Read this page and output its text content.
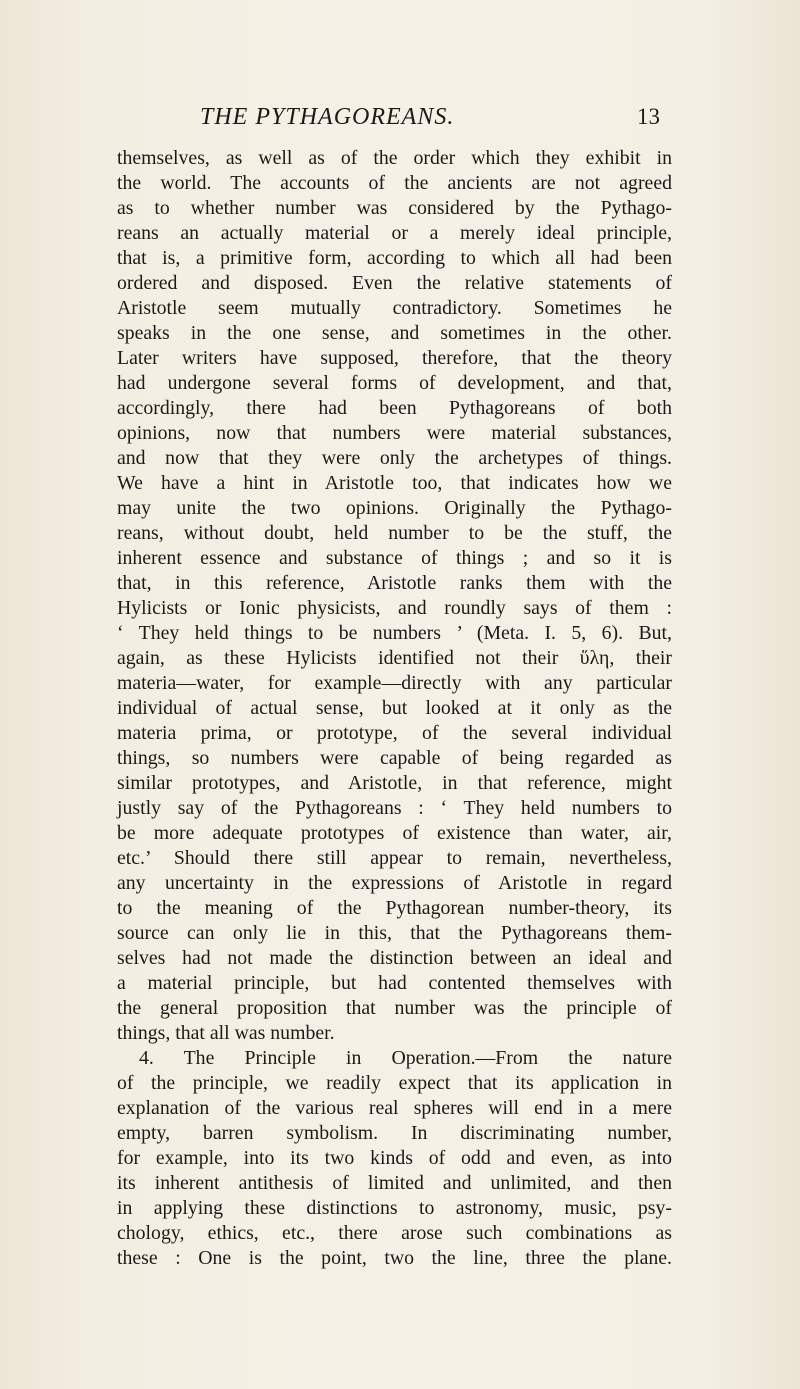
THE PYTHAGOREANS.	13
themselves, as well as of the order which they exhibit in
the world. The accounts of the ancients are not agreed
as to whether number was considered by the Pythago-
reans an actually material or a merely ideal principle,
that is, a primitive form, according to which all had been
ordered and disposed. Even the relative statements of
Aristotle seem mutually contradictory. Sometimes he
speaks in the one sense, and sometimes in the other.
Later writers have supposed, therefore, that the theory
had undergone several forms of development, and that,
accordingly, there had been Pythagoreans of both
opinions, now that numbers were material substances,
and now that they were only the archetypes of things.
We have a hint in Aristotle too, that indicates how we
may unite the two opinions. Originally the Pythago-
reans, without doubt, held number to be the stuff, the
inherent essence and substance of things ; and so it is
that, in this reference, Aristotle ranks them with the
Hylicists or Ionic physicists, and roundly says of them :
‘ They held things to be numbers ’ (Meta. I. 5, 6). But,
again, as these Hylicists identified not their ὕλη, their
materia—water, for example—directly with any particular
individual of actual sense, but looked at it only as the
materia prima, or prototype, of the several individual
things, so numbers were capable of being regarded as
similar prototypes, and Aristotle, in that reference, might
justly say of the Pythagoreans : ‘ They held numbers to
be more adequate prototypes of existence than water, air,
etc.’ Should there still appear to remain, nevertheless,
any uncertainty in the expressions of Aristotle in regard
to the meaning of the Pythagorean number-theory, its
source can only lie in this, that the Pythagoreans them-
selves had not made the distinction between an ideal and
a material principle, but had contented themselves with
the general proposition that number was the principle of
things, that all was number.
4. The Principle in Operation.—From the nature
of the principle, we readily expect that its application in
explanation of the various real spheres will end in a mere
empty, barren symbolism. In discriminating number,
for example, into its two kinds of odd and even, as into
its inherent antithesis of limited and unlimited, and then
in applying these distinctions to astronomy, music, psy-
chology, ethics, etc., there arose such combinations as
these : One is the point, two the line, three the plane.
